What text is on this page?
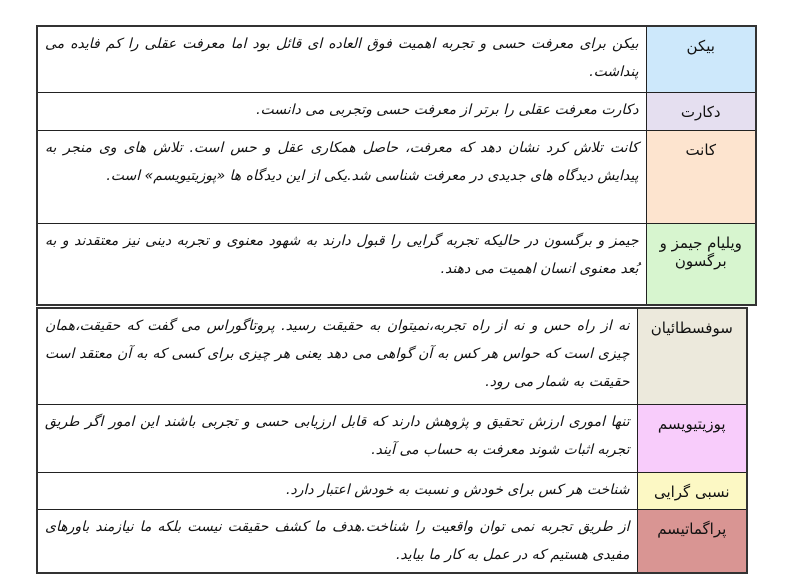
بیکن	بیکن برای معرفت حسی و تجربه اهمیت فوق العاده ای قائل بود اما معرفت عقلی را کم فایده می پنداشت.
دکارت	دکارت معرفت عقلی را برتر از معرفت حسی وتجربی می دانست.
کانت	کانت تلاش کرد نشان دهد که معرفت، حاصل همکاری عقل و حس است. تلاش های وی منجر به پیدایش دیدگاه های جدیدی در معرفت شناسی شد.یکی از این دیدگاه ها «پوزیتیویسم» است.
ویلیام جیمز و برگسون	جیمز و برگسون در حالیکه تجربه گرایی را قبول دارند به شهود معنوی و تجربه دینی نیز معتقدند و به بُعد معنوی انسان اهمیت می دهند.
سوفسطائیان	نه از راه حس و نه از راه تجربه،نمیتوان به حقیقت رسید. پروتاگوراس می گفت که حقیقت،همان چیزی است که حواس هر کس به آن گواهی می دهد یعنی هر چیزی برای کسی که به آن معتقد است حقیقت به شمار می رود.
پوزیتیویسم	تنها اموری ارزش تحقیق و پژوهش دارند که قابل ارزیابی حسی و تجربی باشند این امور اگر طریق تجربه اثبات شوند معرفت به حساب می آیند.
نسبی گرایی	شناخت هر کس برای خودش و نسبت به خودش اعتبار دارد.
پراگماتیسم	از طریق تجربه نمی توان واقعیت را شناخت.هدف ما کشف حقیقت نیست بلکه ما نیازمند باورهای مفیدی هستیم که در عمل به کار ما بیاید.
